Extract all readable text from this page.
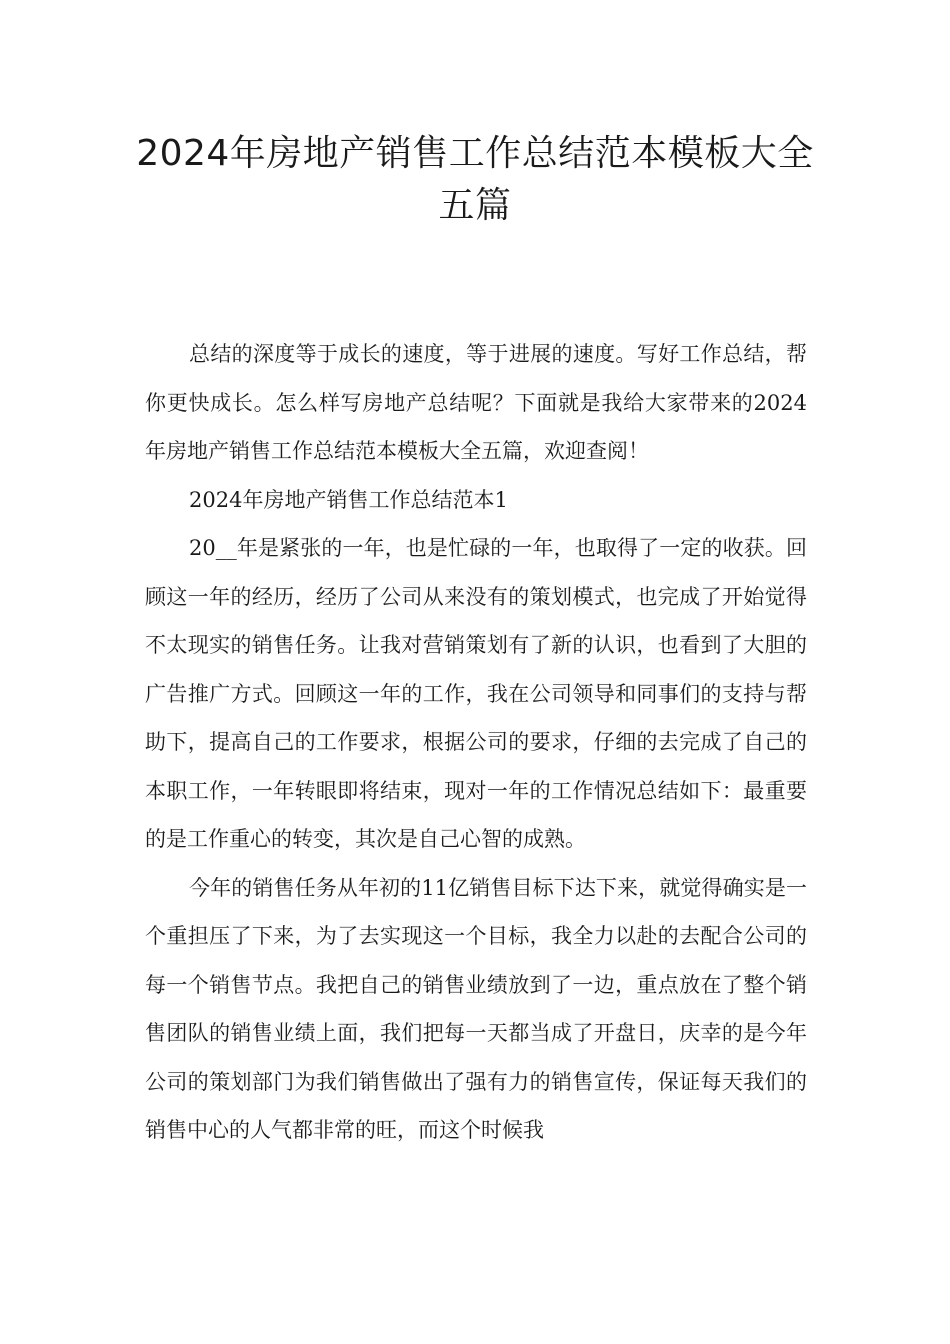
2024年房地产销售工作总结范本模板大全五篇

总结的深度等于成长的速度，等于进展的速度。写好工作总结，帮你更快成长。怎么样写房地产总结呢？下面就是我给大家带来的2024年房地产销售工作总结范本模板大全五篇，欢迎查阅！

2024年房地产销售工作总结范本1

20__年是紧张的一年，也是忙碌的一年，也取得了一定的收获。回顾这一年的经历，经历了公司从来没有的策划模式，也完成了开始觉得不太现实的销售任务。让我对营销策划有了新的认识，也看到了大胆的广告推广方式。回顾这一年的工作，我在公司领导和同事们的支持与帮助下，提高自己的工作要求，根据公司的要求，仔细的去完成了自己的本职工作，一年转眼即将结束，现对一年的工作情况总结如下：最重要的是工作重心的转变，其次是自己心智的成熟。

今年的销售任务从年初的11亿销售目标下达下来，就觉得确实是一个重担压了下来，为了去实现这一个目标，我全力以赴的去配合公司的每一个销售节点。我把自己的销售业绩放到了一边，重点放在了整个销售团队的销售业绩上面，我们把每一天都当成了开盘日，庆幸的是今年公司的策划部门为我们销售做出了强有力的销售宣传，保证每天我们的销售中心的人气都非常的旺，而这个时候我
